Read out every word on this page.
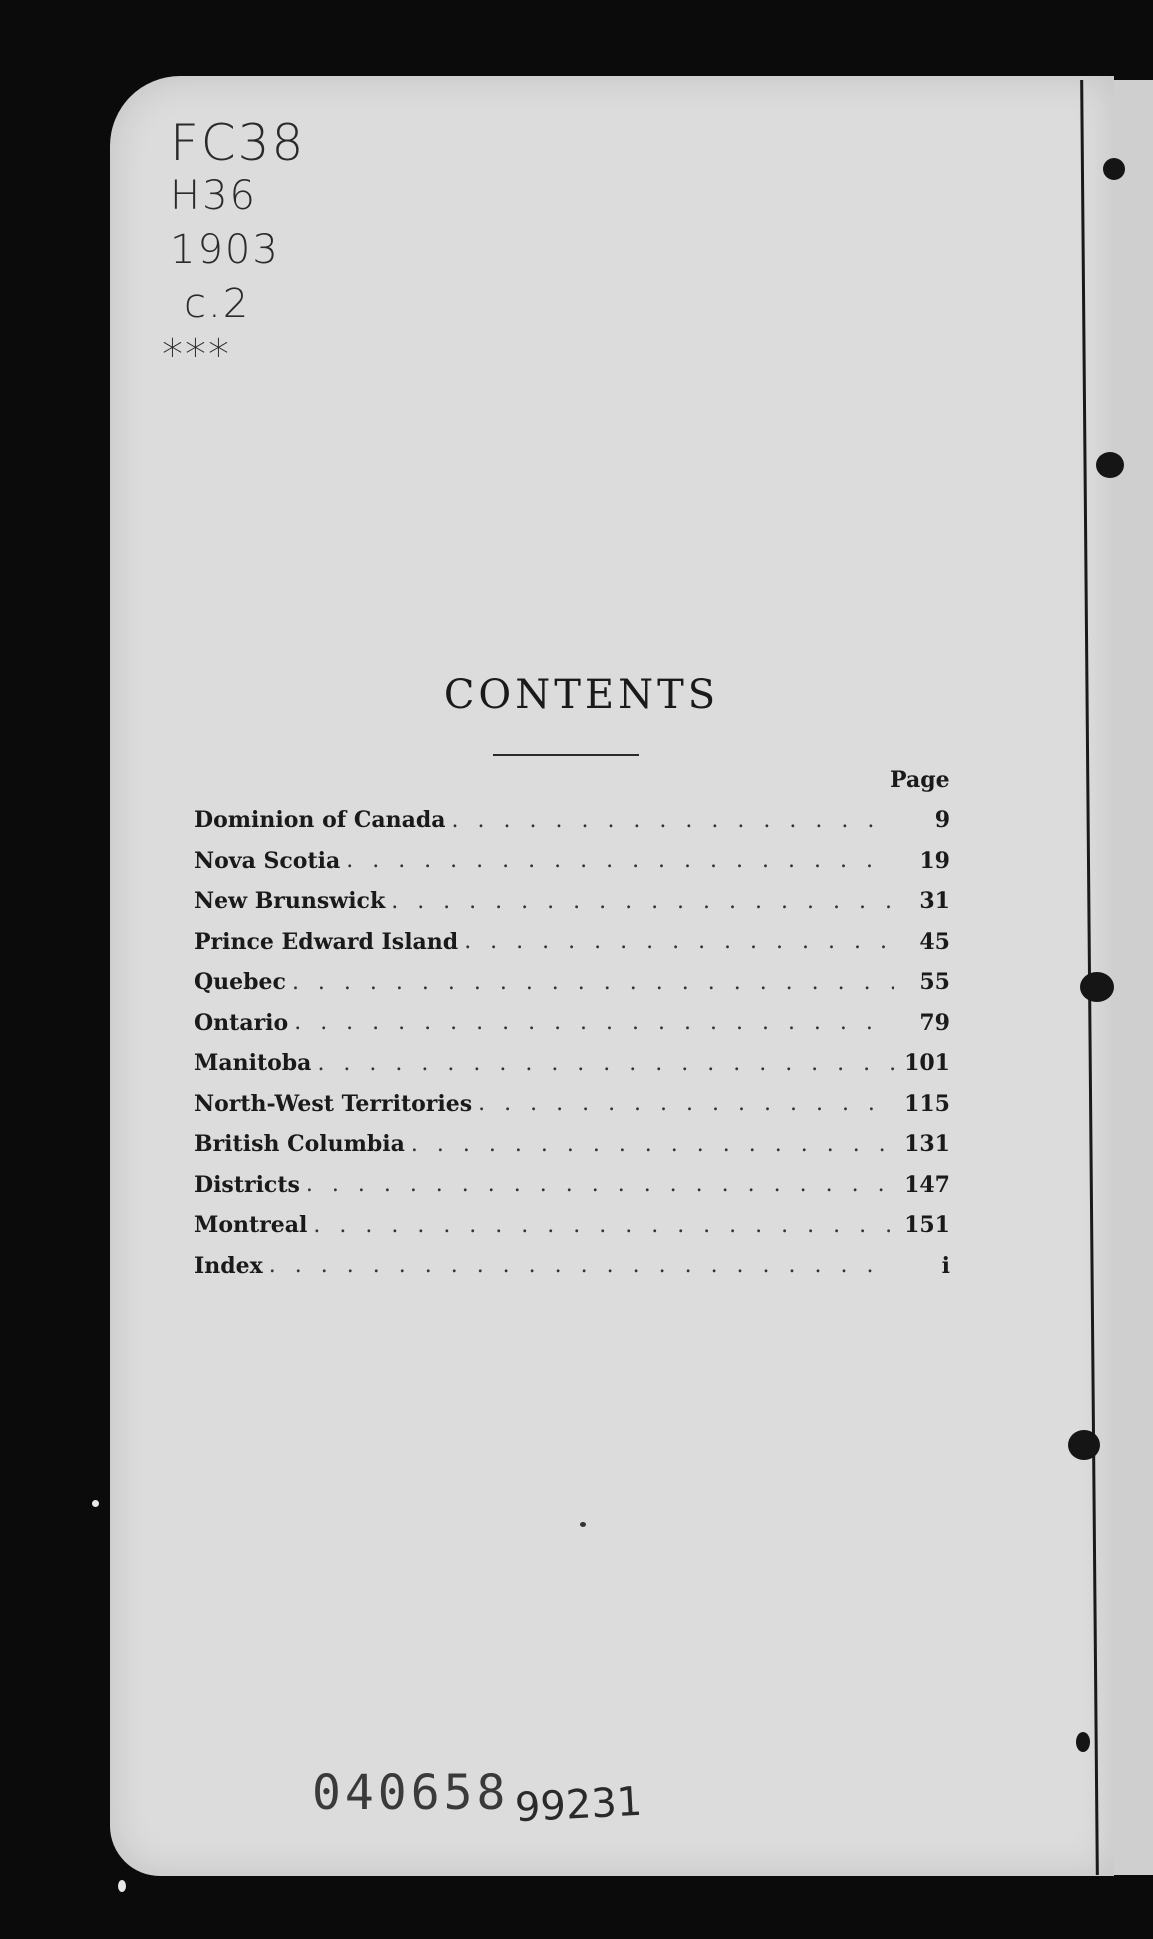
FC38
H36
1903
c.2
***
CONTENTS
Page
Dominion of Canada . . .	9
Nova Scotia . . .	19
New Brunswick . . .	31
Prince Edward Island . . .	45
Quebec . . .	55
Ontario . . .	79
Manitoba . . .	101
North-West Territories . . .	115
British Columbia . . .	131
Districts . . .	147
Montreal . . .	151
Index . . .	i
040658 99231
